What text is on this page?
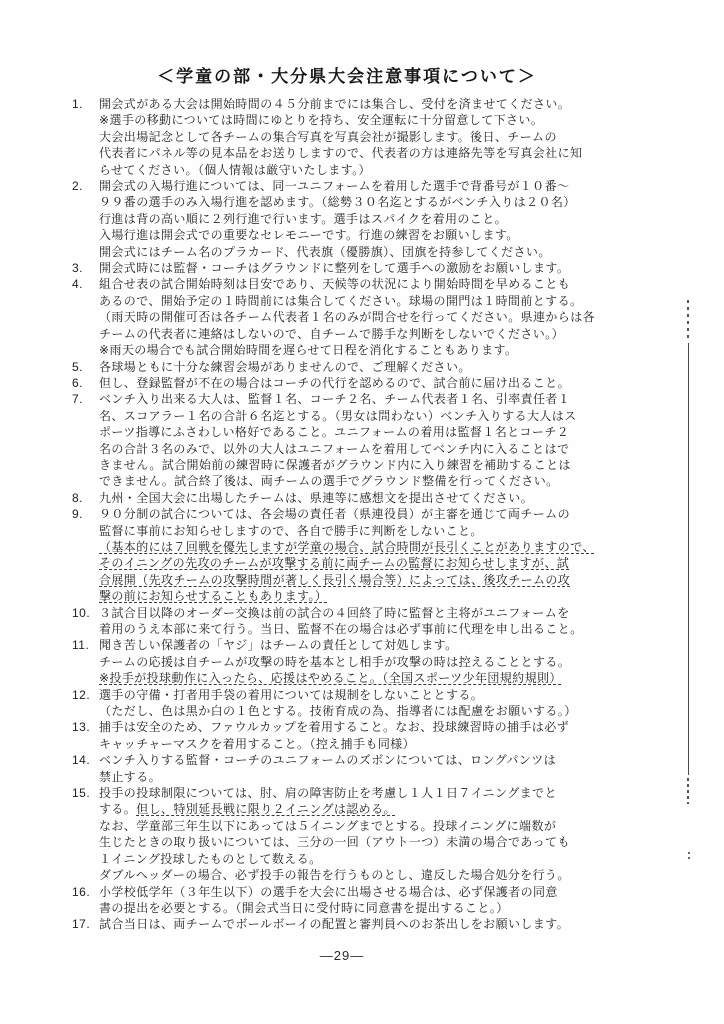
＜学童の部・大分県大会注意事項について＞
1.	開会式がある大会は開始時間の４５分前までには集合し、受付を済ませてください。
※選手の移動については時間にゆとりを持ち、安全運転に十分留意して下さい。
大会出場記念として各チームの集合写真を写真会社が撮影します。後日、チームの
代表者にパネル等の見本品をお送りしますので、代表者の方は連絡先等を写真会社に知
らせてください。（個人情報は厳守いたします。）
2.	開会式の入場行進については、同一ユニフォームを着用した選手で背番号が１０番～
９９番の選手のみ入場行進を認めます。（総勢３０名迄とするがベンチ入りは２０名）
行進は背の高い順に２列行進で行います。選手はスパイクを着用のこと。
入場行進は開会式での重要なセレモニーです。行進の練習をお願いします。
開会式にはチーム名のプラカード、代表旗（優勝旗）、団旗を持参してください。
3.	開会式時には監督・コーチはグラウンドに整列をして選手への激励をお願いします。
4.	組合せ表の試合開始時刻は目安であり、天候等の状況により開始時間を早めることも
あるので、開始予定の１時間前には集合してください。球場の開門は１時間前とする。
（雨天時の開催可否は各チーム代表者１名のみが問合せを行ってください。県連からは各
チームの代表者に連絡はしないので、自チームで勝手な判断をしないでください。）
※雨天の場合でも試合開始時間を遅らせて日程を消化することもあります。
5.	各球場ともに十分な練習会場がありませんので、ご理解ください。
6.	但し、登録監督が不在の場合はコーチの代行を認めるので、試合前に届け出ること。
7.	ベンチ入り出来る大人は、監督１名、コーチ２名、チーム代表者１名、引率責任者１
名、スコアラー１名の合計６名迄とする。（男女は問わない）ベンチ入りする大人はス
ポーツ指導にふさわしい格好であること。ユニフォームの着用は監督１名とコーチ２
名の合計３名のみで、以外の大人はユニフォームを着用してベンチ内に入ることはで
きません。試合開始前の練習時に保護者がグラウンド内に入り練習を補助することは
できません。試合終了後は、両チームの選手でグラウンド整備を行ってください。
8.	九州・全国大会に出場したチームは、県連等に感想文を提出させてください。
9.	９０分制の試合については、各会場の責任者（県連役員）が主審を通じて両チームの
監督に事前にお知らせしますので、各自で勝手に判断をしないこと。
（基本的には７回戦を優先しますが学童の場合、試合時間が長引くことがありますので、
そのイニングの先攻のチームが攻撃する前に両チームの監督にお知らせしますが、試
合展開（先攻チームの攻撃時間が著しく長引く場合等）によっては、後攻チームの攻
撃の前にお知らせすることもあります。）
10. ３試合目以降のオーダー交換は前の試合の４回終了時に監督と主将がユニフォームを
着用のうえ本部に来て行う。当日、監督不在の場合は必ず事前に代理を申し出ること。
11. 聞き苦しい保護者の「ヤジ」はチームの責任として対処します。
チームの応援は自チームが攻撃の時を基本とし相手が攻撃の時は控えることとする。
※投手が投球動作に入ったら、応援はやめること。（全国スポーツ少年団規約規則）
12. 選手の守備・打者用手袋の着用については規制をしないこととする。
（ただし、色は黒か白の１色とする。技術育成の為、指導者には配慮をお願いする。）
13. 捕手は安全のため、ファウルカップを着用すること。なお、投球練習時の捕手は必ず
キャッチャーマスクを着用すること。（控え捕手も同様）
14. ベンチ入りする監督・コーチのユニフォームのズボンについては、ロングパンツは
禁止する。
15. 投手の投球制限については、肘、肩の障害防止を考慮し１人１日７イニングまでと
する。但し、特別延長戦に限り２イニングは認める。
なお、学童部三年生以下にあっては５イニングまでとする。投球イニングに端数が
生じたときの取り扱いについては、三分の一回（アウト一つ）未満の場合であっても
１イニング投球したものとして数える。
ダブルヘッダーの場合、必ず投手の報告を行うものとし、違反した場合処分を行う。
16. 小学校低学年（３年生以下）の選手を大会に出場させる場合は、必ず保護者の同意
書の提出を必要とする。（開会式当日に受付時に同意書を提出すること。）
17. 試合当日は、両チームでボールボーイの配置と審判員へのお茶出しをお願いします。
―29―
